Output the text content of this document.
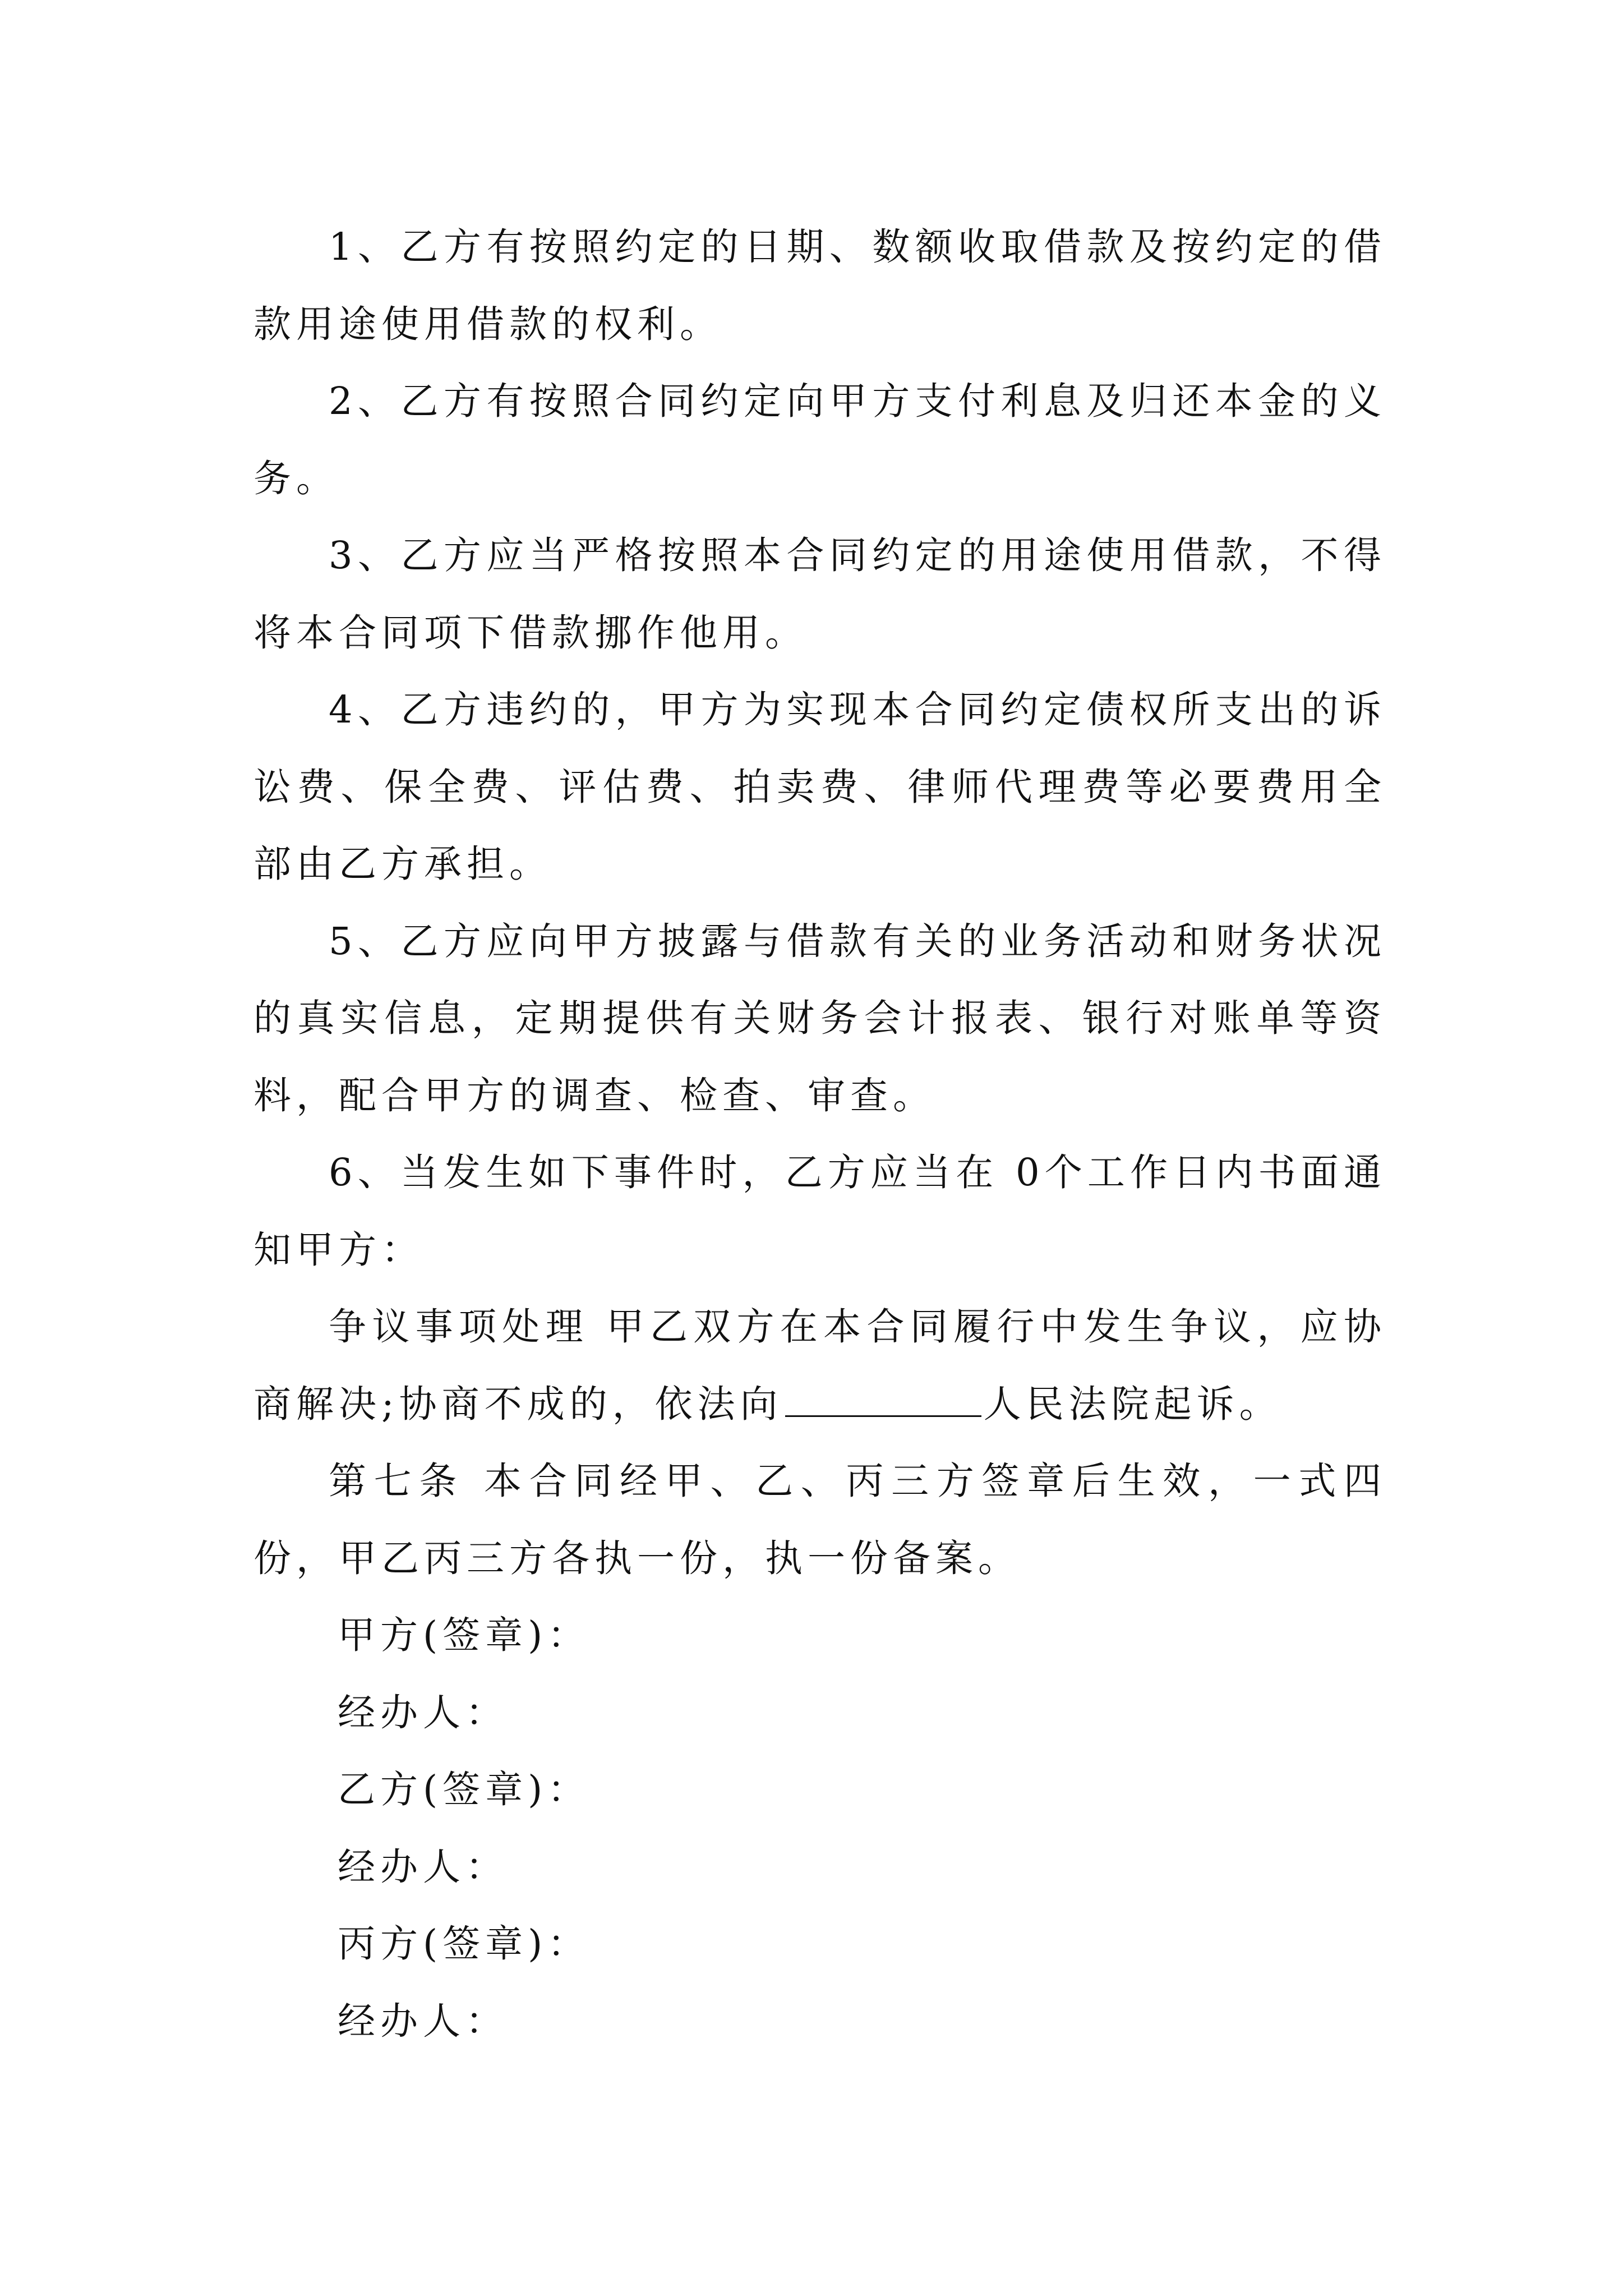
1、乙方有按照约定的日期、数额收取借款及按约定的借款用途使用借款的权利。

2、乙方有按照合同约定向甲方支付利息及归还本金的义务。

3、乙方应当严格按照本合同约定的用途使用借款，不得将本合同项下借款挪作他用。

4、乙方违约的，甲方为实现本合同约定债权所支出的诉讼费、保全费、评估费、拍卖费、律师代理费等必要费用全部由乙方承担。

5、乙方应向甲方披露与借款有关的业务活动和财务状况的真实信息，定期提供有关财务会计报表、银行对账单等资料，配合甲方的调查、检查、审查。

6、当发生如下事件时，乙方应当在 0个工作日内书面通知甲方：

争议事项处理 甲乙双方在本合同履行中发生争议，应协商解决;协商不成的，依法向	人民法院起诉。

第七条 本合同经甲、乙、丙三方签章后生效，一式四份，甲乙丙三方各执一份，执一份备案。

甲方(签章)：

经办人：

乙方(签章)：

经办人：

丙方(签章)：

经办人：
